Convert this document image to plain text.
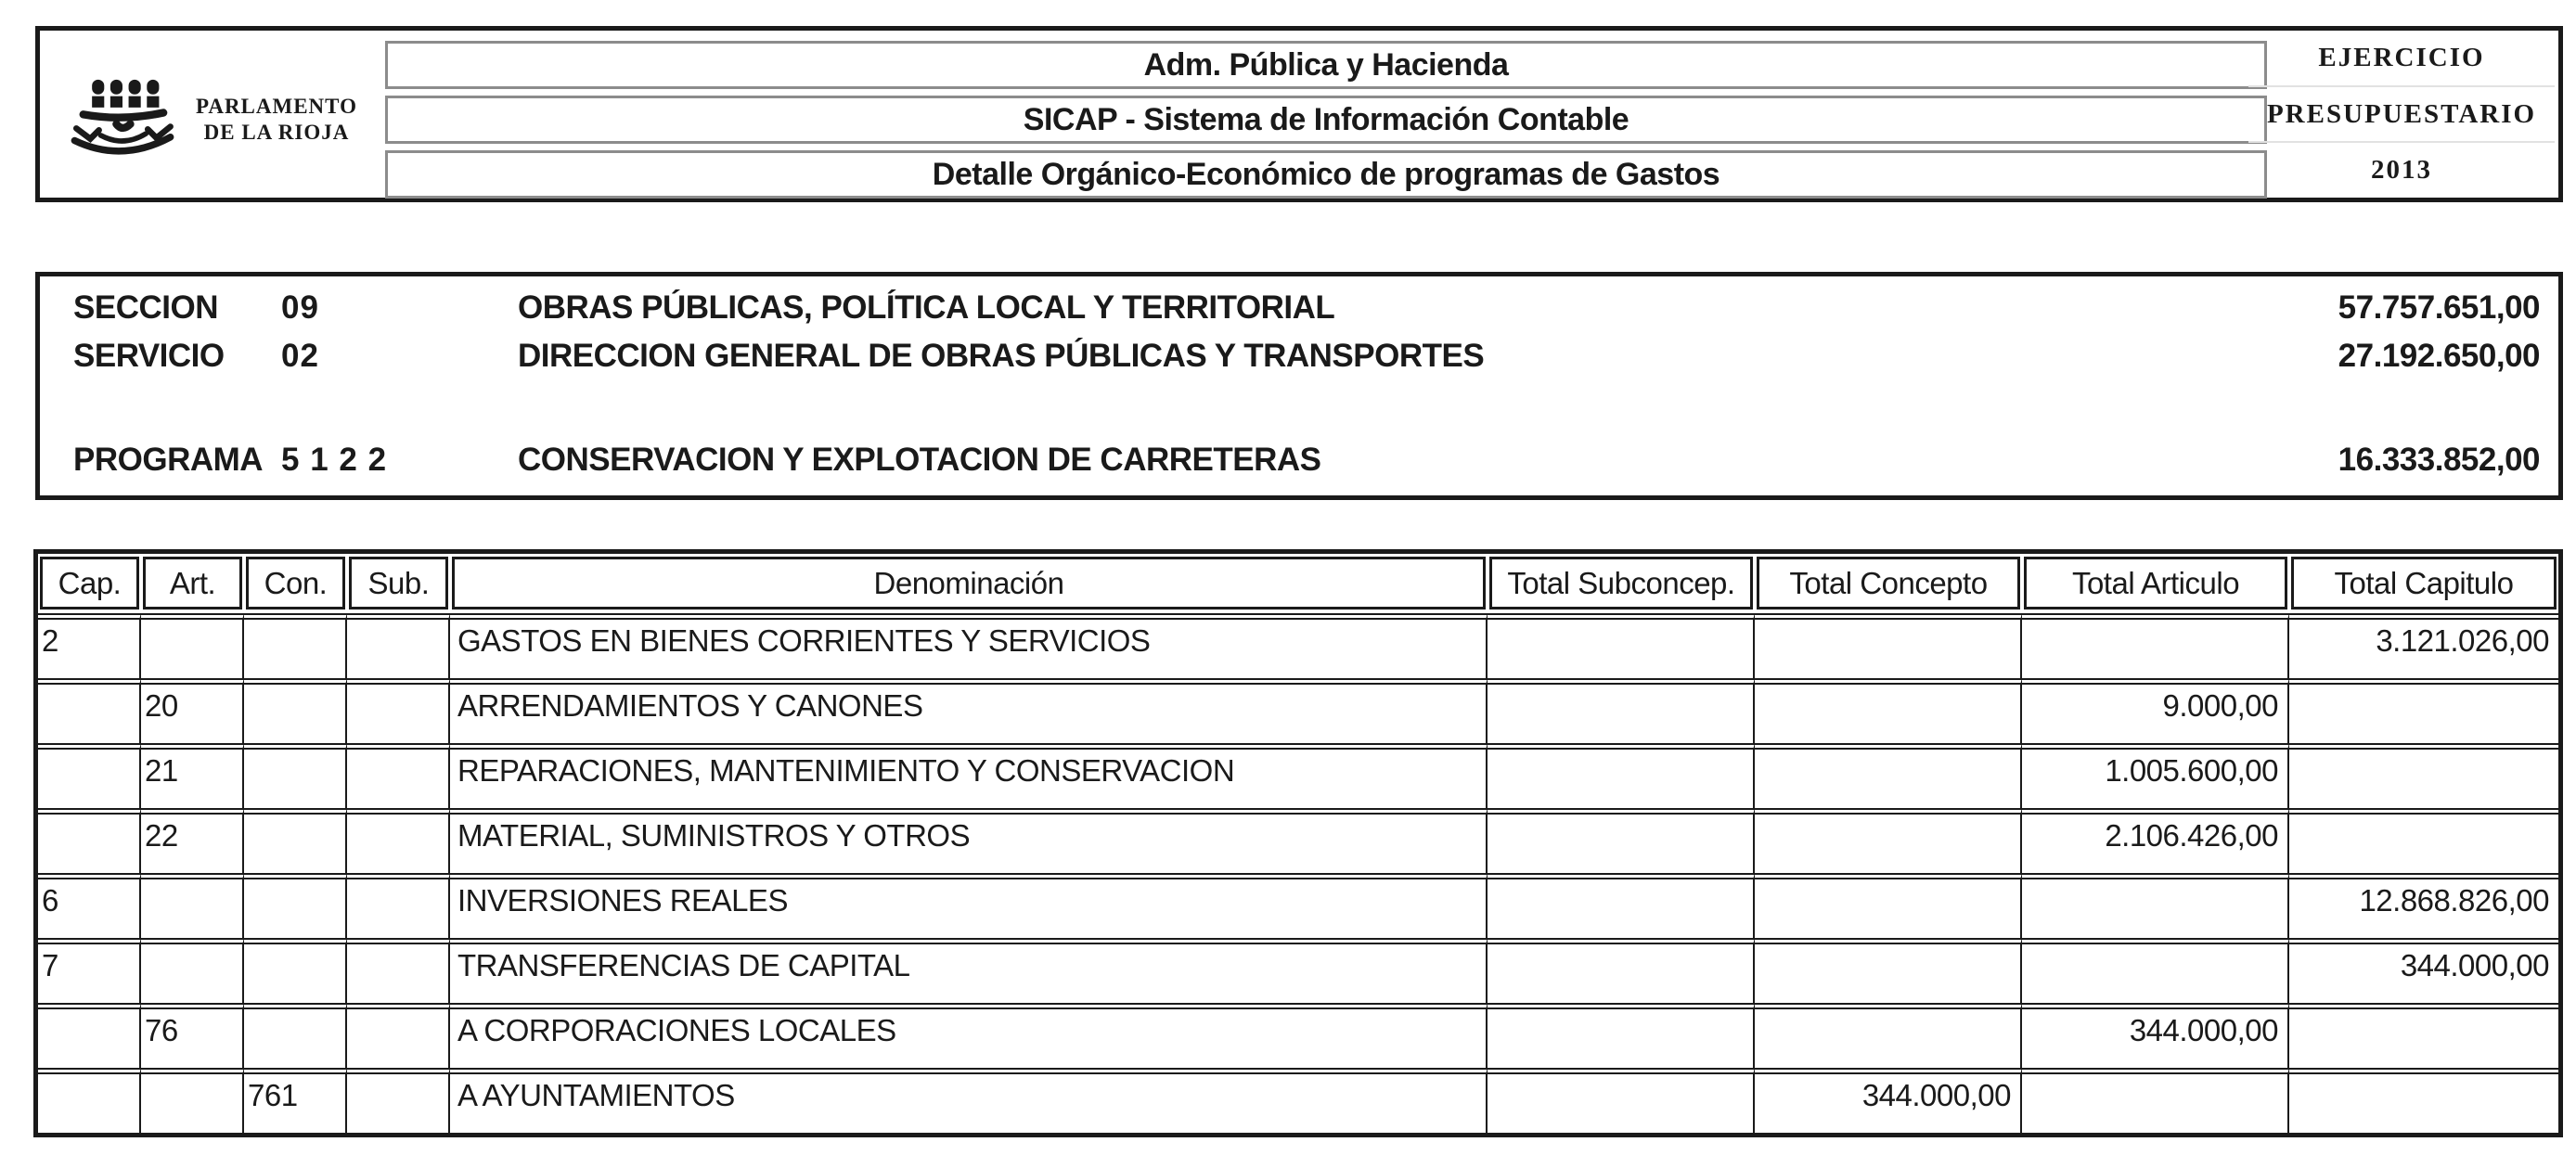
PARLAMENTO
DE LA RIOJA
Adm. Pública y Hacienda
SICAP - Sistema de Información Contable
Detalle Orgánico-Económico de programas de Gastos
EJERCICIO
PRESUPUESTARIO
2013
SECCION	09	OBRAS PÚBLICAS, POLÍTICA LOCAL Y TERRITORIAL	57.757.651,00
SERVICIO	02	DIRECCION GENERAL DE OBRAS PÚBLICAS Y TRANSPORTES	27.192.650,00
PROGRAMA 5 1 2 2	CONSERVACION Y EXPLOTACION DE CARRETERAS	16.333.852,00
Cap.	Art.	Con.	Sub.	Denominación	Total Subconcep.	Total Concepto	Total Articulo	Total Capitulo

2				GASTOS EN BIENES CORRIENTES Y SERVICIOS				3.121.026,00
	20			ARRENDAMIENTOS Y CANONES			9.000,00	
	21			REPARACIONES, MANTENIMIENTO Y CONSERVACION			1.005.600,00	
	22			MATERIAL, SUMINISTROS Y OTROS			2.106.426,00	
6				INVERSIONES REALES				12.868.826,00
7				TRANSFERENCIAS DE CAPITAL				344.000,00
	76			A CORPORACIONES LOCALES			344.000,00	
		761		A AYUNTAMIENTOS		344.000,00		
